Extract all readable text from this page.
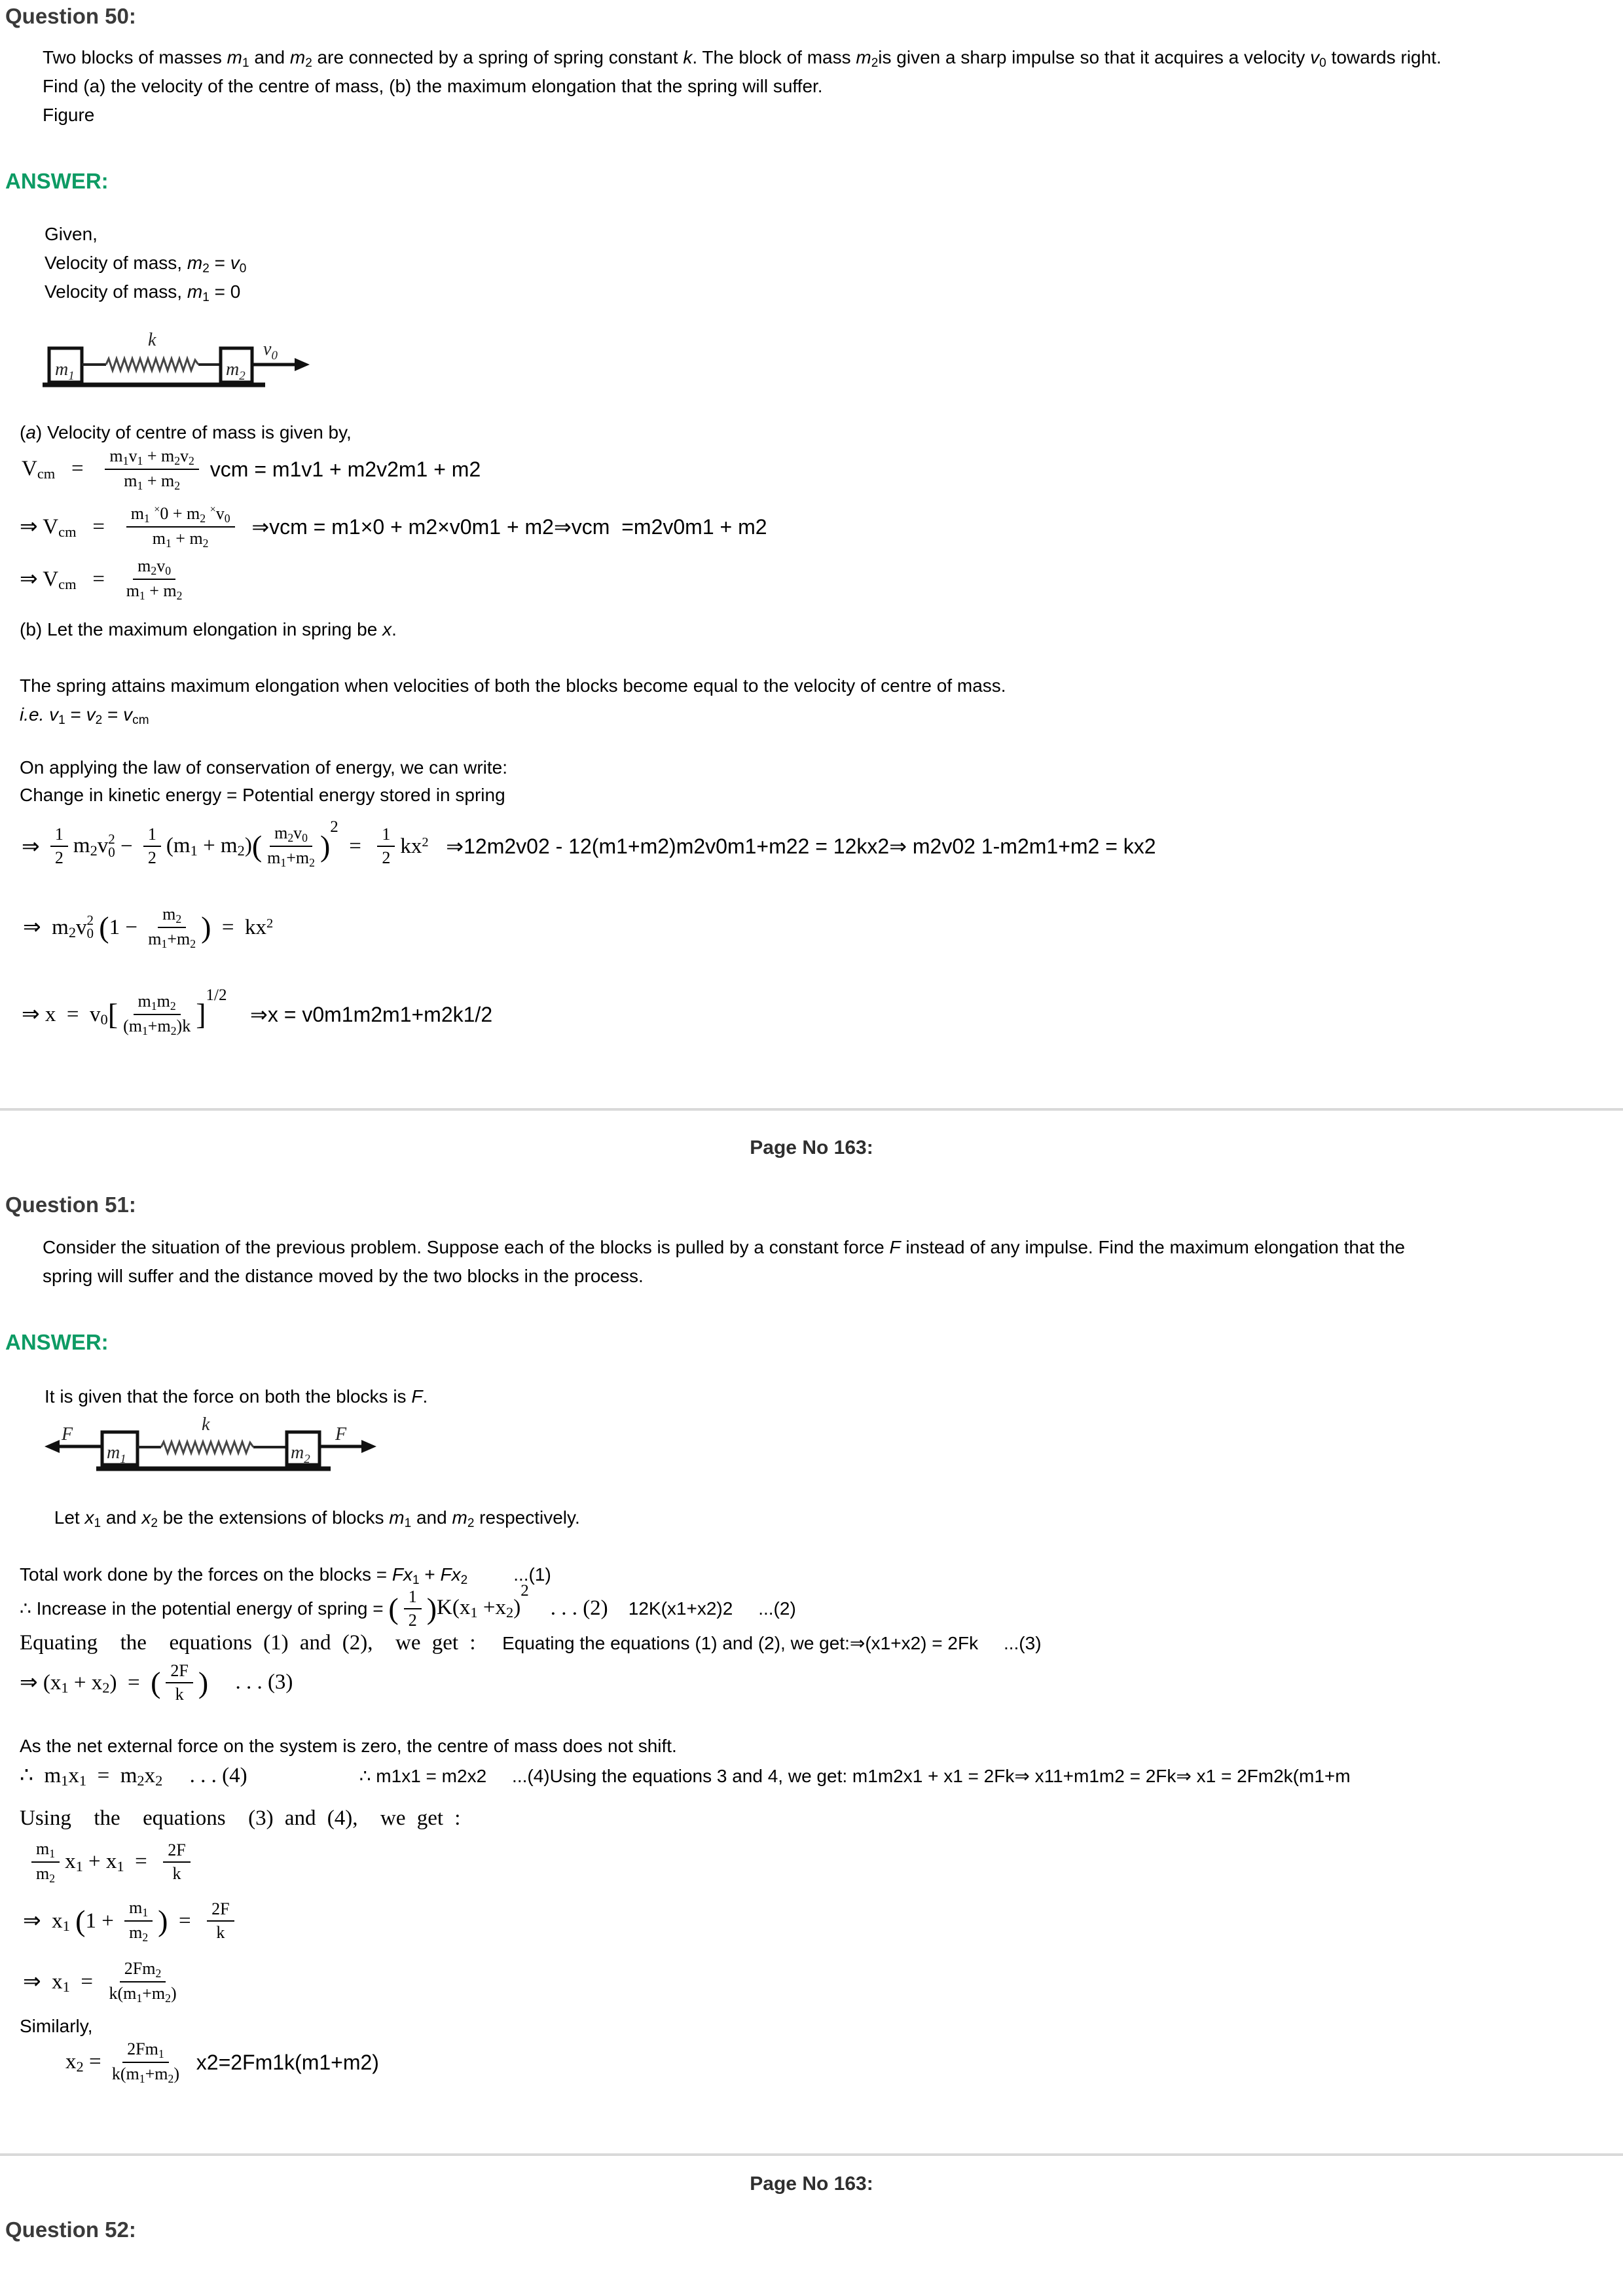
Question 50:
Two blocks of masses m1 and m2 are connected by a spring of spring constant k. The block of mass m2is given a sharp impulse so that it acquires a velocity v0 towards right.
Find (a) the velocity of the centre of mass, (b) the maximum elongation that the spring will suffer.
Figure
ANSWER:
Given,
Velocity of mass, m2 = v0
Velocity of mass, m1 = 0
$m_1$	$m_2$
k	$v_0$
(a) Velocity of centre of mass is given by,
Vcm   = $\frac{m1v1 + m2v2}{m1 + m2}$ vcm = m1v1 + m2v2m1 + m2
⇒ Vcm   = $\frac{m1 ^\times 0 + m2 ^\times v0}{m1 + m2}$ ⇒vcm = m1×0 + m2×v0m1 + m2⇒vcm  =m2v0m1 + m2
⇒ Vcm   = $\frac{m2v0}{m1 + m2}$
(b) Let the maximum elongation in spring be x.
The spring attains maximum elongation when velocities of both the blocks become equal to the velocity of centre of mass.
i.e. v1 = v2 = vcm
On applying the law of conservation of energy, we can write:
Change in kinetic energy = Potential energy stored in spring
⇒ $\frac{1}{2} m2v$ 2
$0 - \frac{1}{2} (m1 + m2)$ ( $\frac{m2v0}{m1+m2}$ )
2
= $\frac{1}{2} kx^2$ ⇒12m2v02 - 12(m1+m2)m2v0m1+m22 = 12kx2⇒ m2v02 1-m2m1+m2 = kx2
⇒  m2v 2
0
( $1 - \frac{m2}{m1+m2}$ ) =  $kx^2$
⇒ x  =  v0 [ $\frac{m1m2}{(m1+m2)k}$ ]
1/2
⇒x = v0m1m2m1+m2k1/2
Page No 163:
Question 51:
Consider the situation of the previous problem. Suppose each of the blocks is pulled by a constant force F instead of any impulse. Find the maximum elongation that the
spring will suffer and the distance moved by the two blocks in the process.
ANSWER:
It is given that the force on both the blocks is F.
F
$m_1$
k
$m_2$
F
Let x1 and x2 be the extensions of blocks m1 and m2 respectively.
Total work done by the forces on the blocks = Fx1 + Fx2         ...(1)
∴ Increase in the potential energy of spring = ( $\frac{1}{2}$ ) K(x1 +x2)
2
. . . (2) 12K(x1+x2)2     ...(2)
Equating  the  equations (1) and (2),  we get : Equating the equations (1) and (2), we get:⇒(x1+x2) = 2Fk     ...(3)
⇒ (x1 + x2)  = ( $\frac{2F}{k}$ ) . . . (3)
As the net external force on the system is zero, the centre of mass does not shift.
∴  m1x1  =  m2x2     . . . (4) ∴ m1x1 = m2x2     ...(4)Using the equations 3 and 4, we get: m1m2x1 + x1 = 2Fk⇒ x11+m1m2 = 2Fk⇒ x1 = 2Fm2k(m1+m
Using  the  equations  (3) and (4),  we get :
$\frac{m1}{m2} x1 + x1 = \frac{2F}{k}$
⇒  x1 ( $1 + \frac{m1}{m2}$ ) = $\frac{2F}{k}$
⇒  $x1 = \frac{2Fm2}{k(m1+m2)}$
Similarly,
$x2 = \frac{2Fm1}{k(m1+m2)} x2=2Fm1k(m1+m2)$
Page No 163:
Question 52:
